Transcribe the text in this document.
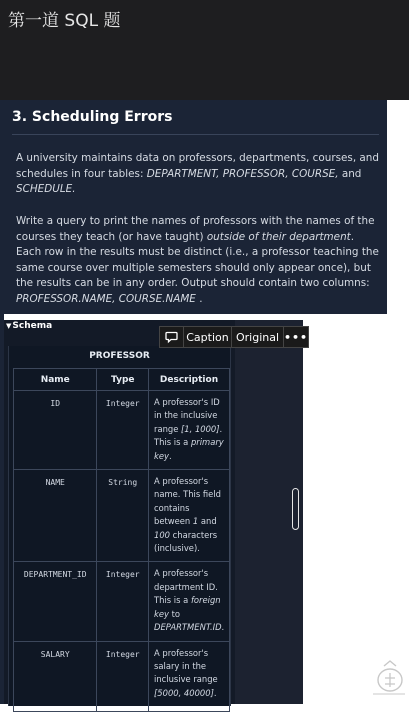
第一道 SQL 题
3. Scheduling Errors
A university maintains data on professors, departments, courses, and schedules in four tables: DEPARTMENT, PROFESSOR, COURSE, and SCHEDULE.
Write a query to print the names of professors with the names of the courses they teach (or have taught) outside of their department. Each row in the results must be distinct (i.e., a professor teaching the same course over multiple semesters should only appear once), but the results can be in any order. Output should contain two columns: PROFESSOR.NAME, COURSE.NAME .
▼Schema
PROFESSOR
Name	Type	Description
ID	Integer	A professor's ID in the inclusive range [1, 1000]. This is a primary key.
NAME	String	A professor's name. This field contains between 1 and 100 characters (inclusive).
DEPARTMENT_ID	Integer	A professor's department ID. This is a foreign key to DEPARTMENT.ID.
SALARY	Integer	A professor's salary in the inclusive range [5000, 40000].
Caption Original •••
